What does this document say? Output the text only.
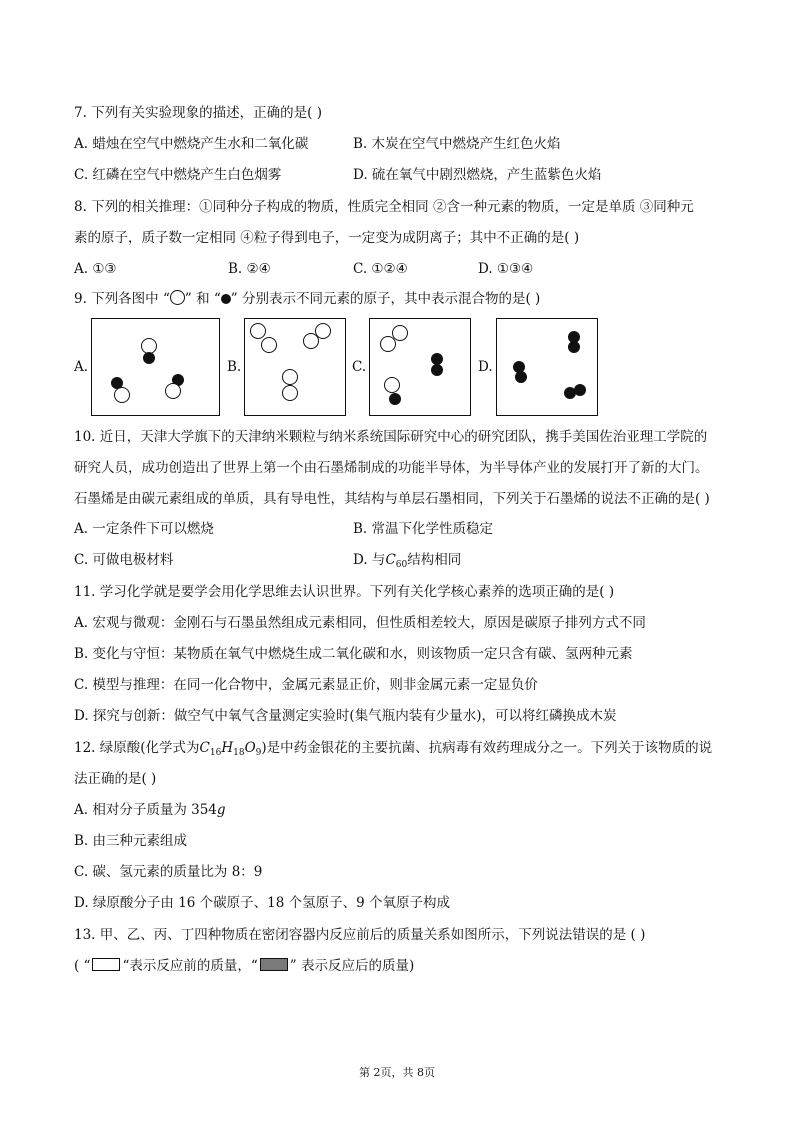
7. 下列有关实验现象的描述，正确的是( )
A. 蜡烛在空气中燃烧产生水和二氧化碳	B. 木炭在空气中燃烧产生红色火焰
C. 红磷在空气中燃烧产生白色烟雾	D. 硫在氧气中剧烈燃烧，产生蓝紫色火焰
8. 下列的相关推理：①同种分子构成的物质，性质完全相同 ②含一种元素的物质，一定是单质 ③同种元
素的原子，质子数一定相同 ④粒子得到电子，一定变为成阴离子；其中不正确的是( )
A. ①③	B. ②④	C. ①②④	D. ①③④
9. 下列各图中 “ ” 和 “ ” 分别表示不同元素的原子，其中表示混合物的是( )
A.	B.	C.	D.
10. 近日，天津大学旗下的天津纳米颗粒与纳米系统国际研究中心的研究团队，携手美国佐治亚理工学院的
研究人员，成功创造出了世界上第一个由石墨烯制成的功能半导体，为半导体产业的发展打开了新的大门。
石墨烯是由碳元素组成的单质，具有导电性，其结构与单层石墨相同，下列关于石墨烯的说法不正确的是( )
A. 一定条件下可以燃烧	B. 常温下化学性质稳定
C. 可做电极材料	D. 与$C_{60}$结构相同
11. 学习化学就是要学会用化学思维去认识世界。下列有关化学核心素养的选项正确的是( )
A. 宏观与微观：金刚石与石墨虽然组成元素相同，但性质相差较大，原因是碳原子排列方式不同
B. 变化与守恒：某物质在氧气中燃烧生成二氧化碳和水，则该物质一定只含有碳、氢两种元素
C. 模型与推理：在同一化合物中，金属元素显正价，则非金属元素一定显负价
D. 探究与创新：做空气中氧气含量测定实验时(集气瓶内装有少量水)，可以将红磷换成木炭
12. 绿原酸(化学式为$C_{16}H_{18}O_9$)是中药金银花的主要抗菌、抗病毒有效药理成分之一。下列关于该物质的说
法正确的是( )
A. 相对分子质量为 354g
B. 由三种元素组成
C. 碳、氢元素的质量比为 8：9
D. 绿原酸分子由 16 个碳原子、18 个氢原子、9 个氧原子构成
13. 甲、乙、丙、丁四种物质在密闭容器内反应前后的质量关系如图所示，下列说法错误的是 ( )
( “ “表示反应前的质量，“ ” 表示反应后的质量)
第 2页，共 8页
